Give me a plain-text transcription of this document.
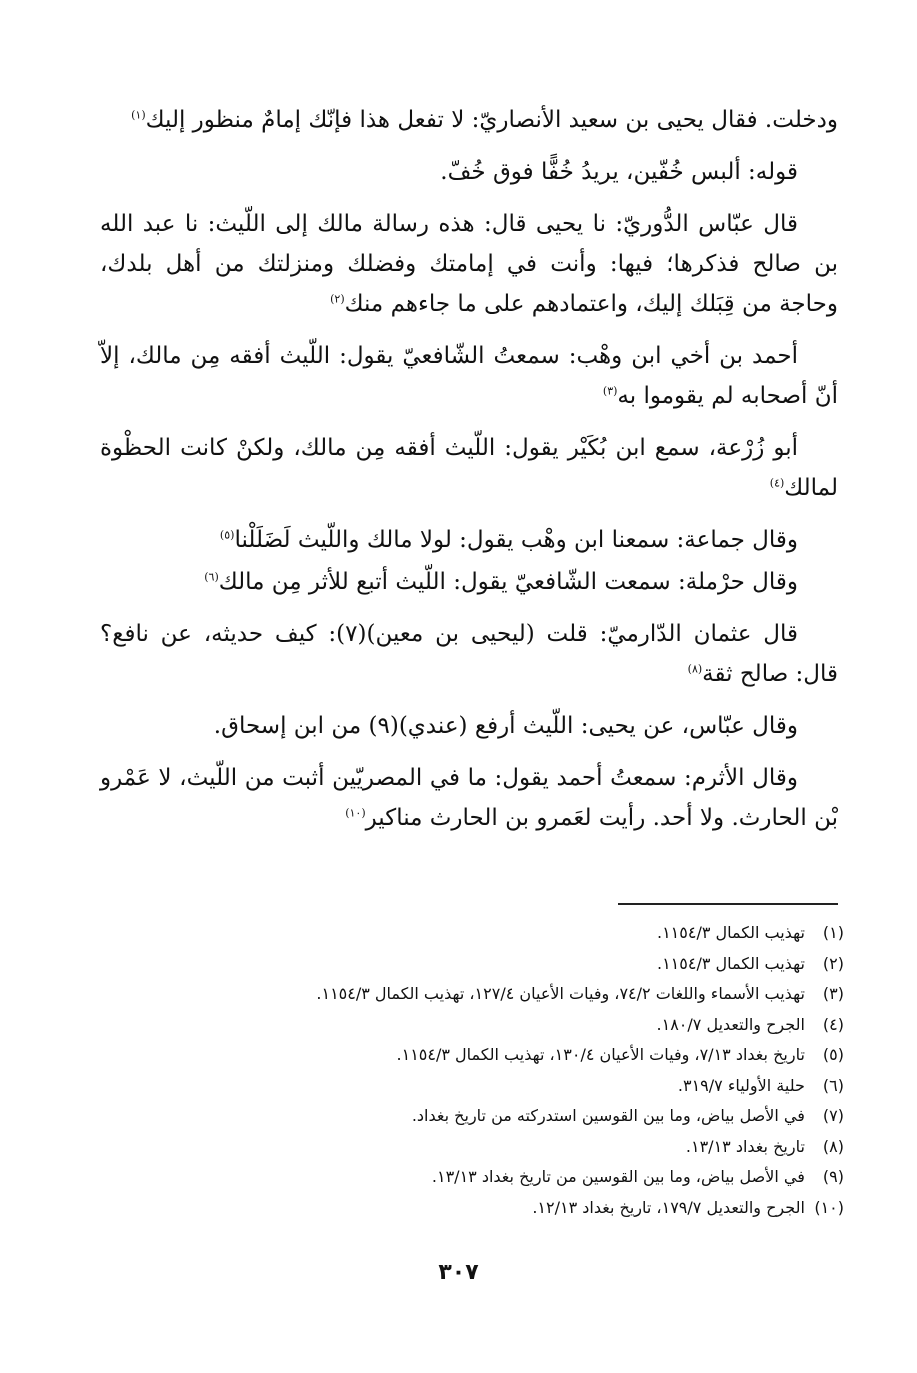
ودخلت. فقال يحيى بن سعيد الأنصاريّ: لا تفعل هذا فإنّك إمامٌ منظور إليك$^{(١)}$

قوله: ألبس خُفّين، يريدُ خُفًّا فوق خُفّ.

قال عبّاس الدُّوريّ: نا يحيى قال: هذه رسالة مالك إلى اللّيث: نا عبد الله بن صالح فذكرها؛ فيها: وأنت في إمامتك وفضلك ومنزلتك من أهل بلدك، وحاجة من قِبَلك إليك، واعتمادهم على ما جاءهم منك$^{(٢)}$

أحمد بن أخي ابن وهْب: سمعتُ الشّافعيّ يقول: اللّيث أفقه مِن مالك، إلاّ أنّ أصحابه لم يقوموا به$^{(٣)}$

أبو زُرْعة، سمع ابن بُكَيْر يقول: اللّيث أفقه مِن مالك، ولكنْ كانت الحظْوة لمالك$^{(٤)}$

وقال جماعة: سمعنا ابن وهْب يقول: لولا مالك واللّيث لَضَلَلْنا$^{(٥)}$

وقال حرْملة: سمعت الشّافعيّ يقول: اللّيث أتبع للأثر مِن مالك$^{(٦)}$

قال عثمان الدّارميّ: قلت (ليحيى بن معين)(٧): كيف حديثه، عن نافع؟ قال: صالح ثقة$^{(٨)}$

وقال عبّاس، عن يحيى: اللّيث أرفع (عندي)(٩) من ابن إسحاق.

وقال الأثرم: سمعتُ أحمد يقول: ما في المصريّين أثبت من اللّيث، لا عَمْرو بْن الحارث. ولا أحد. رأيت لعَمرو بن الحارث مناكير$^{(١٠)}$

(١) تهذيب الكمال ١١٥٤/٣.
(٢) تهذيب الكمال ١١٥٤/٣.
(٣) تهذيب الأسماء واللغات ٧٤/٢، وفيات الأعيان ١٢٧/٤، تهذيب الكمال ١١٥٤/٣.
(٤) الجرح والتعديل ١٨٠/٧.
(٥) تاريخ بغداد ٧/١٣، وفيات الأعيان ١٣٠/٤، تهذيب الكمال ١١٥٤/٣.
(٦) حلية الأولياء ٣١٩/٧.
(٧) في الأصل بياض، وما بين القوسين استدركته من تاريخ بغداد.
(٨) تاريخ بغداد ١٣/١٣.
(٩) في الأصل بياض، وما بين القوسين من تاريخ بغداد ١٣/١٣.
(١٠) الجرح والتعديل ١٧٩/٧، تاريخ بغداد ١٢/١٣.
٣٠٧
